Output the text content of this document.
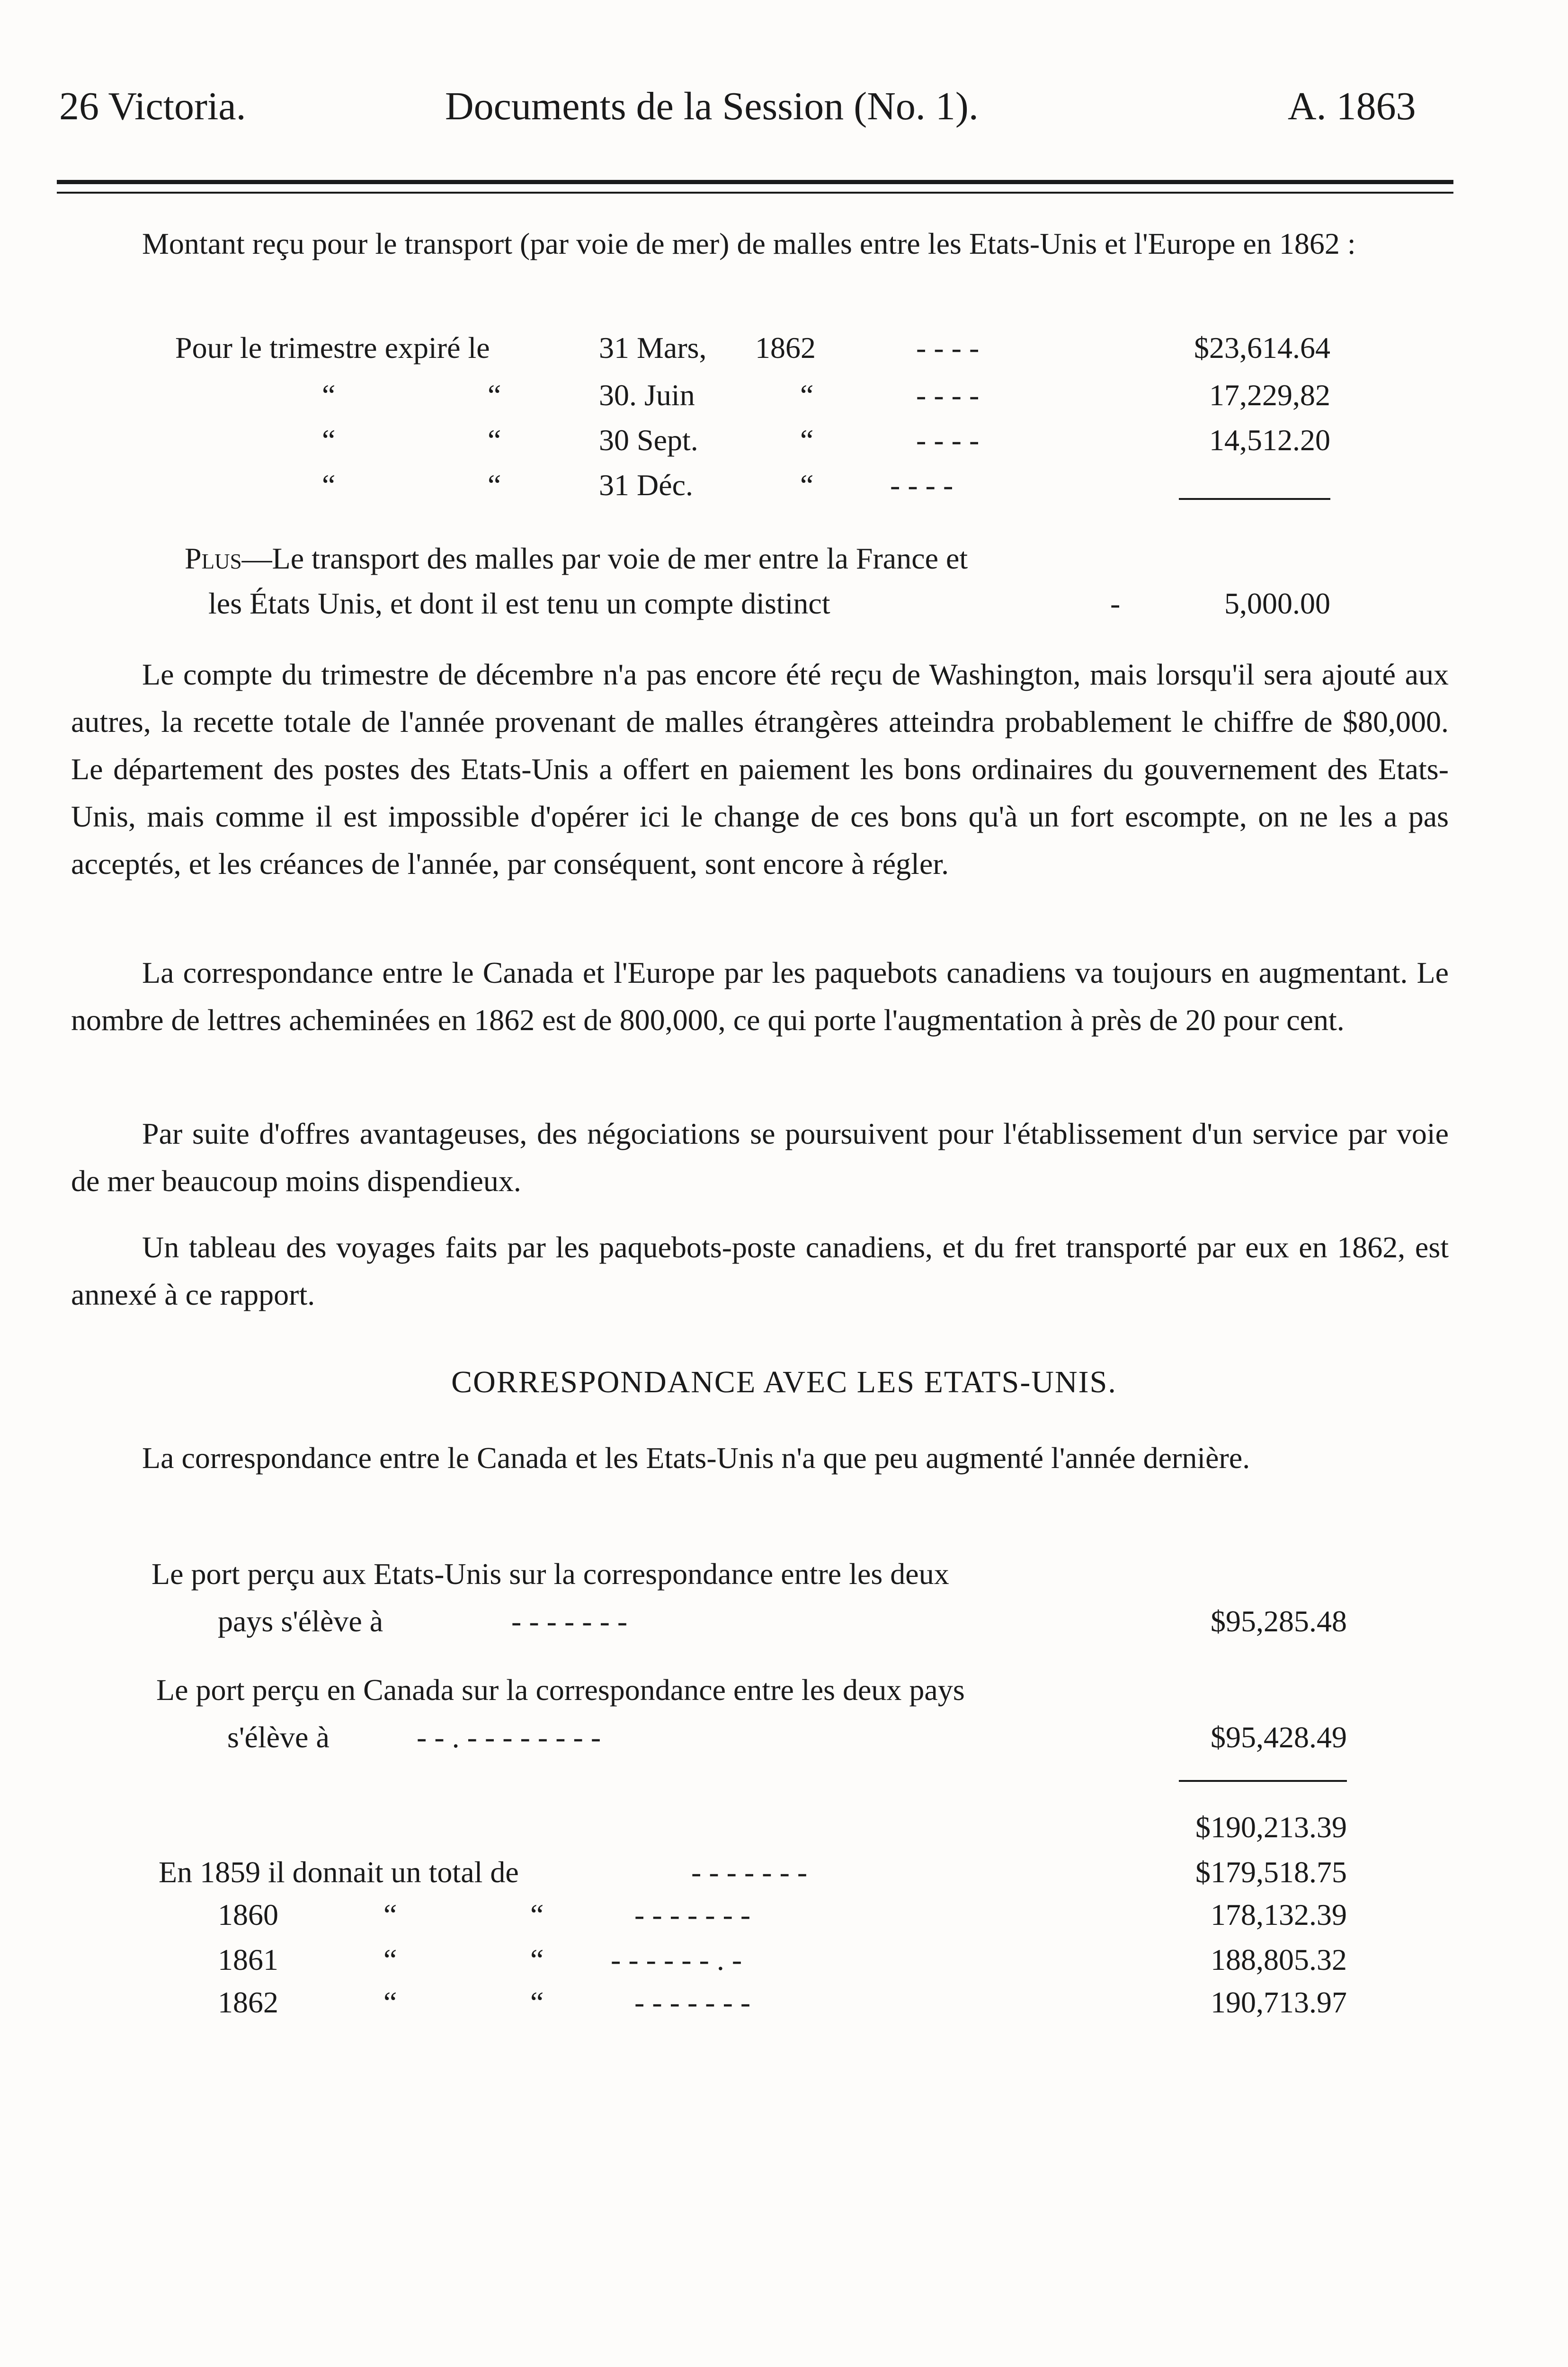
26 Victoria.	Documents de la Session (No. 1).	A. 1863
Montant reçu pour le transport (par voie de mer) de malles entre les Etats-Unis et l'Europe en 1862 :
Pour le trimestre expiré le	31 Mars, 1862	- - - -	$23,614.64
“	“	30. Juin	“	- - - -	17,229,82
“	“	30 Sept.	“	- - - -	14,512.20
“	“	31 Déc.	“	- - - -
Plus—Le transport des malles par voie de mer entre la France et
les États Unis, et dont il est tenu un compte distinct	-	5,000.00
Le compte du trimestre de décembre n'a pas encore été reçu de Washington, mais lorsqu'il sera ajouté aux autres, la recette totale de l'année provenant de malles étrangères atteindra probablement le chiffre de $80,000. Le département des postes des Etats-Unis a offert en paiement les bons ordinaires du gouvernement des Etats-Unis, mais comme il est impossible d'opérer ici le change de ces bons qu'à un fort escompte, on ne les a pas acceptés, et les créances de l'année, par conséquent, sont encore à régler.
La correspondance entre le Canada et l'Europe par les paquebots canadiens va toujours en augmentant. Le nombre de lettres acheminées en 1862 est de 800,000, ce qui porte l'augmentation à près de 20 pour cent.
Par suite d'offres avantageuses, des négociations se poursuivent pour l'établissement d'un service par voie de mer beaucoup moins dispendieux.
Un tableau des voyages faits par les paquebots-poste canadiens, et du fret transporté par eux en 1862, est annexé à ce rapport.
CORRESPONDANCE AVEC LES ETATS-UNIS.
La correspondance entre le Canada et les Etats-Unis n'a que peu augmenté l'année dernière.
Le port perçu aux Etats-Unis sur la correspondance entre les deux
pays s'élève à	- - - - - - -	$95,285.48
Le port perçu en Canada sur la correspondance entre les deux pays
s'élève à	- - . - - - - - - - -	$95,428.49
$190,213.39
En 1859 il donnait un total de	- - - - - - -	$179,518.75
1860	“	“	- - - - - - -	178,132.39
1861	“	“ - - - - - - . -	188,805.32
1862	“	“	- - - - - - -	190,713.97
